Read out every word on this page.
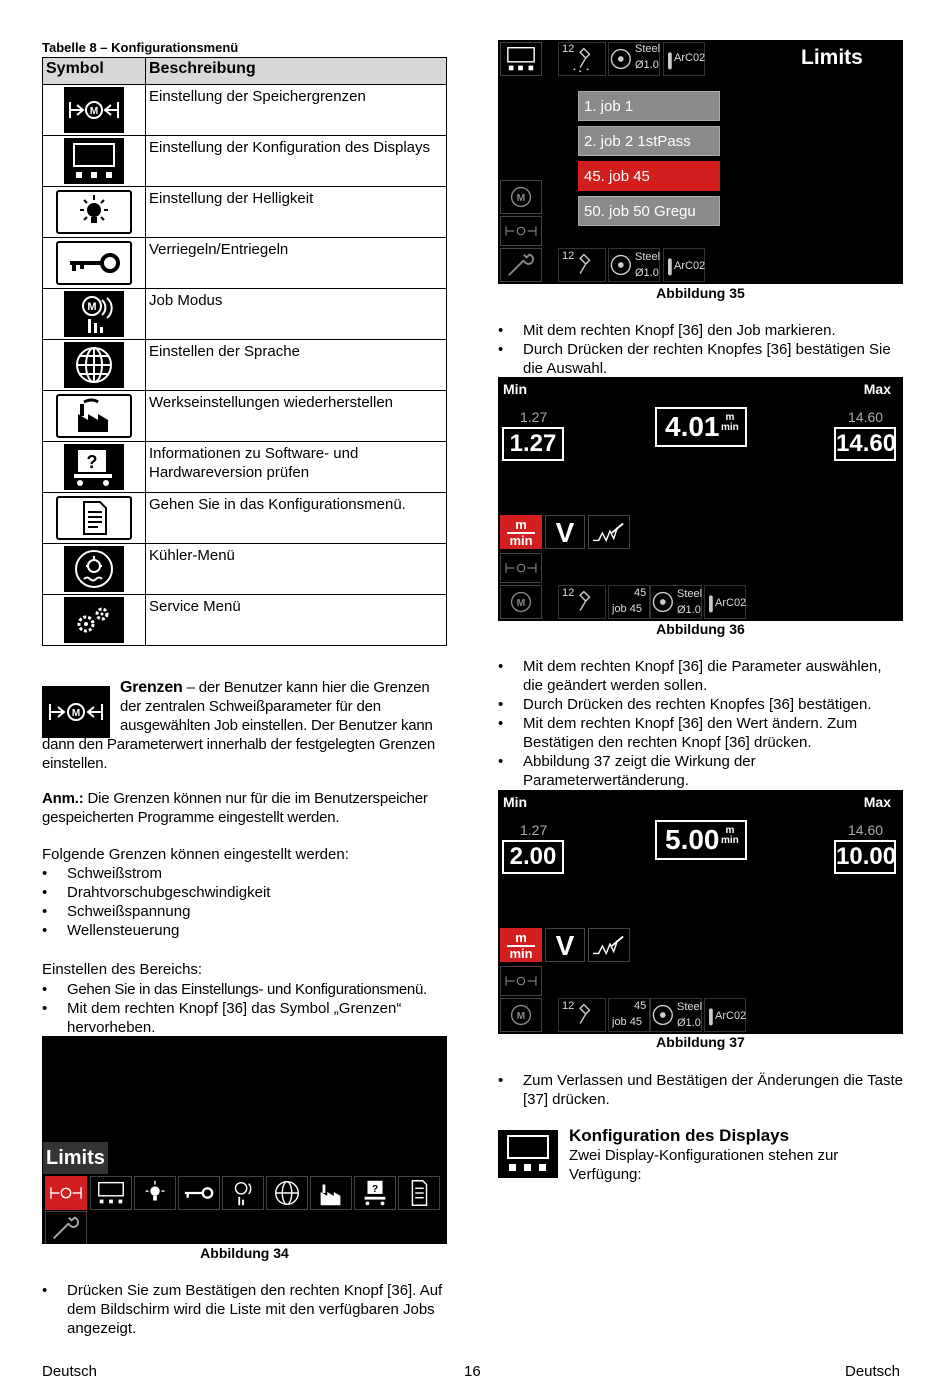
Tabelle 8 – Konfigurationsmenü
Symbol	Beschreibung

M	Einstellung der Speichergrenzen

	Einstellung der Konfiguration des Displays

	Einstellung der Helligkeit

	Verriegeln/Entriegeln

M	Job Modus

	Einstellen der Sprache

	Werkseinstellungen wiederherstellen

?	Informationen zu Software- und Hardwareversion prüfen

	Gehen Sie in das Konfigurationsmenü.

	Kühler-Menü

	Service Menü
M
Grenzen – der Benutzer kann hier die Grenzen der zentralen Schweißparameter für den ausgewählten Job einstellen. Der Benutzer kann dann den Parameterwert innerhalb der festgelegten Grenzen einstellen.
Anm.: Die Grenzen können nur für die im Benutzerspeicher gespeicherten Programme eingestellt werden.
Folgende Grenzen können eingestellt werden:
• Schweißstrom
• Drahtvorschubgeschwindigkeit
• Schweißspannung
• Wellensteuerung
Einstellen des Bereichs:
• Gehen Sie in das Einstellungs- und Konfigurationsmenü.
• Mit dem rechten Knopf [36] das Symbol „Grenzen“ hervorheben.
Limits
?
Abbildung 34
• Drücken Sie zum Bestätigen den rechten Knopf [36]. Auf dem Bildschirm wird die Liste mit den verfügbaren Jobs angezeigt.
12	Steel
Ø1.0
ArC02	Limits
M
12	Steel
Ø1.0
ArC02
1. job 1
2. job 2 1stPass
45. job 45
50. job 50 Gregu
Abbildung 35
• Mit dem rechten Knopf [36] den Job markieren.
• Durch Drücken der rechten Knopfes [36] bestätigen Sie die Auswahl.
Min	Max
1.27
1.27
4.01 m
min
14.60
14.60
m
min V
M
12	45
job 45
Steel
Ø1.0
ArC02
Abbildung 36
• Mit dem rechten Knopf [36] die Parameter auswählen, die geändert werden sollen.
• Durch Drücken des rechten Knopfes [36] bestätigen.
• Mit dem rechten Knopf [36] den Wert ändern. Zum Bestätigen den rechten Knopf [36] drücken.
• Abbildung 37 zeigt die Wirkung der Parameterwertänderung.
Min	Max
1.27
2.00
5.00 m
min
14.60
10.00
m
min V
M
12	45
job 45
Steel
Ø1.0
ArC02
Abbildung 37
• Zum Verlassen und Bestätigen der Änderungen die Taste [37] drücken.
Konfiguration des Displays
Zwei Display-Konfigurationen stehen zur Verfügung:
Deutsch	16	Deutsch
